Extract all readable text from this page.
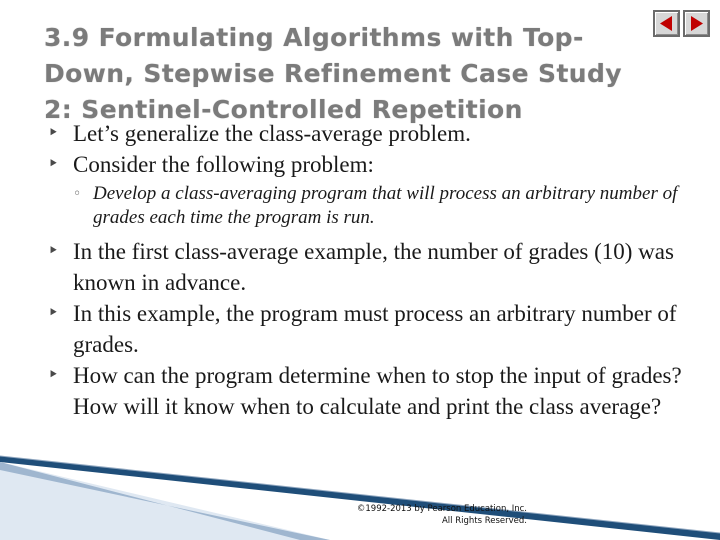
3.9 Formulating Algorithms with Top-Down, Stepwise Refinement Case Study 2: Sentinel-Controlled Repetition
⯈ Let’s generalize the class-average problem.
⯈ Consider the following problem:
◦ Develop a class-averaging program that will process an arbitrary number of grades each time the program is run.
⯈ In the first class-average example, the number of grades (10) was known in advance.
⯈ In this example, the program must process an arbitrary number of grades.
⯈ How can the program determine when to stop the input of grades? How will it know when to calculate and print the class average?
©1992-2013 by Pearson Education, Inc.
All Rights Reserved.
